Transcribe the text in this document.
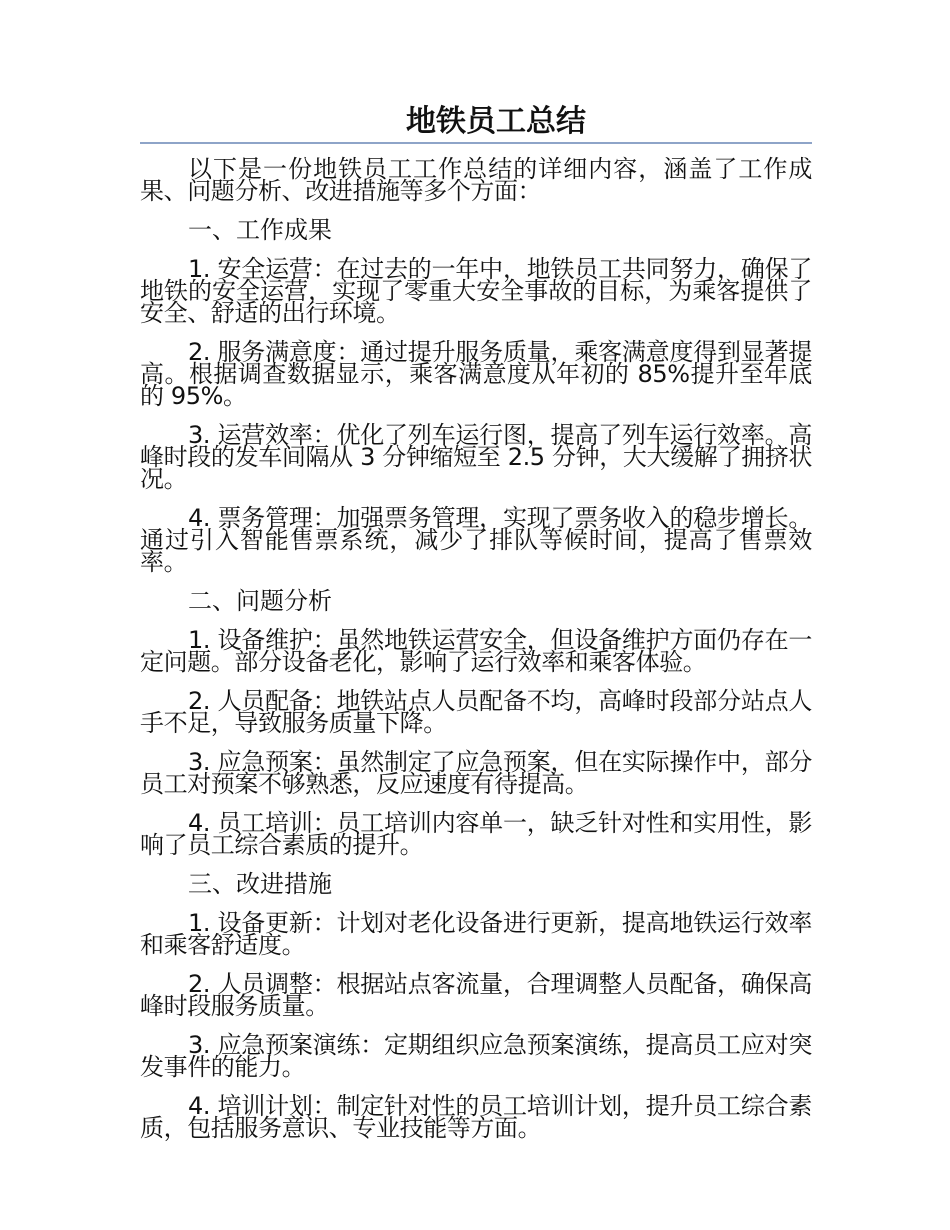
地铁员工总结

以下是一份地铁员工工作总结的详细内容，涵盖了工作成果、问题分析、改进措施等多个方面：

一、工作成果

1. 安全运营：在过去的一年中，地铁员工共同努力，确保了地铁的安全运营，实现了零重大安全事故的目标，为乘客提供了安全、舒适的出行环境。

2. 服务满意度：通过提升服务质量，乘客满意度得到显著提高。根据调查数据显示，乘客满意度从年初的 85%提升至年底的 95%。

3. 运营效率：优化了列车运行图，提高了列车运行效率。高峰时段的发车间隔从 3 分钟缩短至 2.5 分钟，大大缓解了拥挤状况。

4. 票务管理：加强票务管理，实现了票务收入的稳步增长。通过引入智能售票系统，减少了排队等候时间，提高了售票效率。

二、问题分析

1. 设备维护：虽然地铁运营安全，但设备维护方面仍存在一定问题。部分设备老化，影响了运行效率和乘客体验。

2. 人员配备：地铁站点人员配备不均，高峰时段部分站点人手不足，导致服务质量下降。

3. 应急预案：虽然制定了应急预案，但在实际操作中，部分员工对预案不够熟悉，反应速度有待提高。

4. 员工培训：员工培训内容单一，缺乏针对性和实用性，影响了员工综合素质的提升。

三、改进措施

1. 设备更新：计划对老化设备进行更新，提高地铁运行效率和乘客舒适度。

2. 人员调整：根据站点客流量，合理调整人员配备，确保高峰时段服务质量。

3. 应急预案演练：定期组织应急预案演练，提高员工应对突发事件的能力。

4. 培训计划：制定针对性的员工培训计划，提升员工综合素质，包括服务意识、专业技能等方面。
